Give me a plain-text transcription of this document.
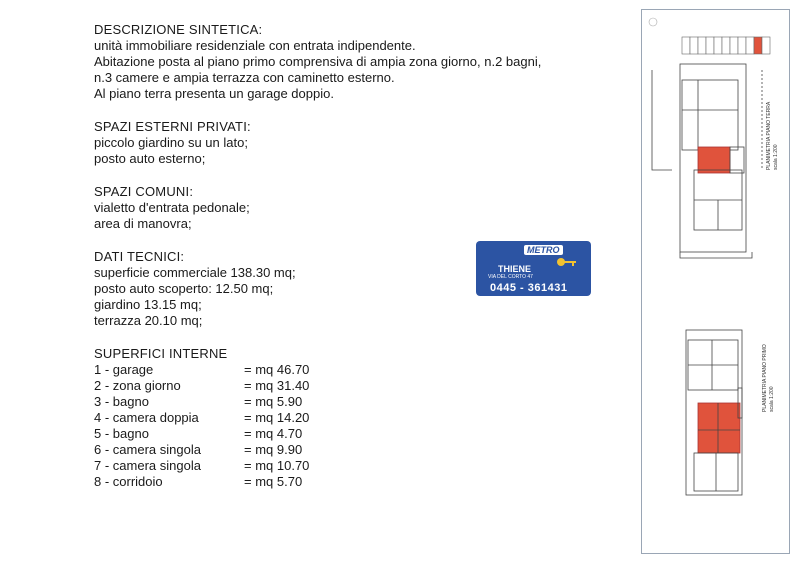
DESCRIZIONE SINTETICA:

unità immobiliare residenziale con entrata indipendente.

Abitazione posta al piano primo comprensiva di ampia zona giorno, n.2 bagni,

n.3 camere e ampia terrazza con caminetto esterno.

Al piano terra presenta un garage doppio.

SPAZI ESTERNI PRIVATI:

piccolo giardino su un lato;

posto auto esterno;

SPAZI COMUNI:

vialetto d'entrata pedonale;

area di manovra;

DATI TECNICI:

superficie commerciale 138.30 mq;

posto auto scoperto: 12.50 mq;

giardino 13.15 mq;

terrazza 20.10 mq;

SUPERFICI INTERNE

1 - garage	= mq 46.70
2 - zona giorno	= mq 31.40
3 - bagno	= mq 5.90
4 - camera doppia	= mq 14.20
5 - bagno	= mq 4.70
6 - camera singola	= mq 9.90
7 - camera singola	= mq 10.70
8 - corridoio	= mq 5.70
METRO
THIENE
VIA DEL CORTO 47
0445 - 361431
PLANIMETRIA PIANO TERRA scala 1:200
PLANIMETRIA PIANO PRIMO scala 1:200
